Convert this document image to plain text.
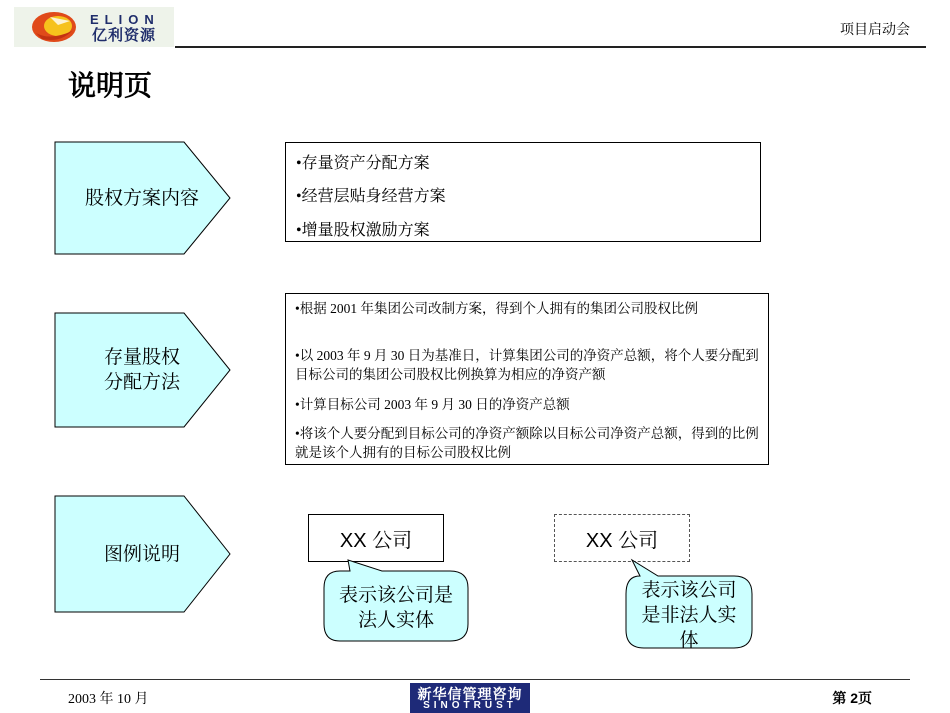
ELION
亿利资源	项目启动会
说明页
股权方案内容
•存量资产分配方案
•经营层贴身经营方案
•增量股权激励方案
存量股权
分配方法
•根据 2001 年集团公司改制方案，得到个人拥有的集团公司股权比例
•以 2003 年 9 月 30 日为基准日，计算集团公司的净资产总额，将个人要分配到目标公司的集团公司股权比例换算为相应的净资产额
•计算目标公司 2003 年 9 月 30 日的净资产总额
•将该个人要分配到目标公司的净资产额除以目标公司净资产总额，得到的比例就是该个人拥有的目标公司股权比例
图例说明
XX 公司
表示该公司是法人实体
XX 公司
表示该公司是非法人实体
2003 年 10 月	新华信管理咨询
SINOTRUST	第 2页
